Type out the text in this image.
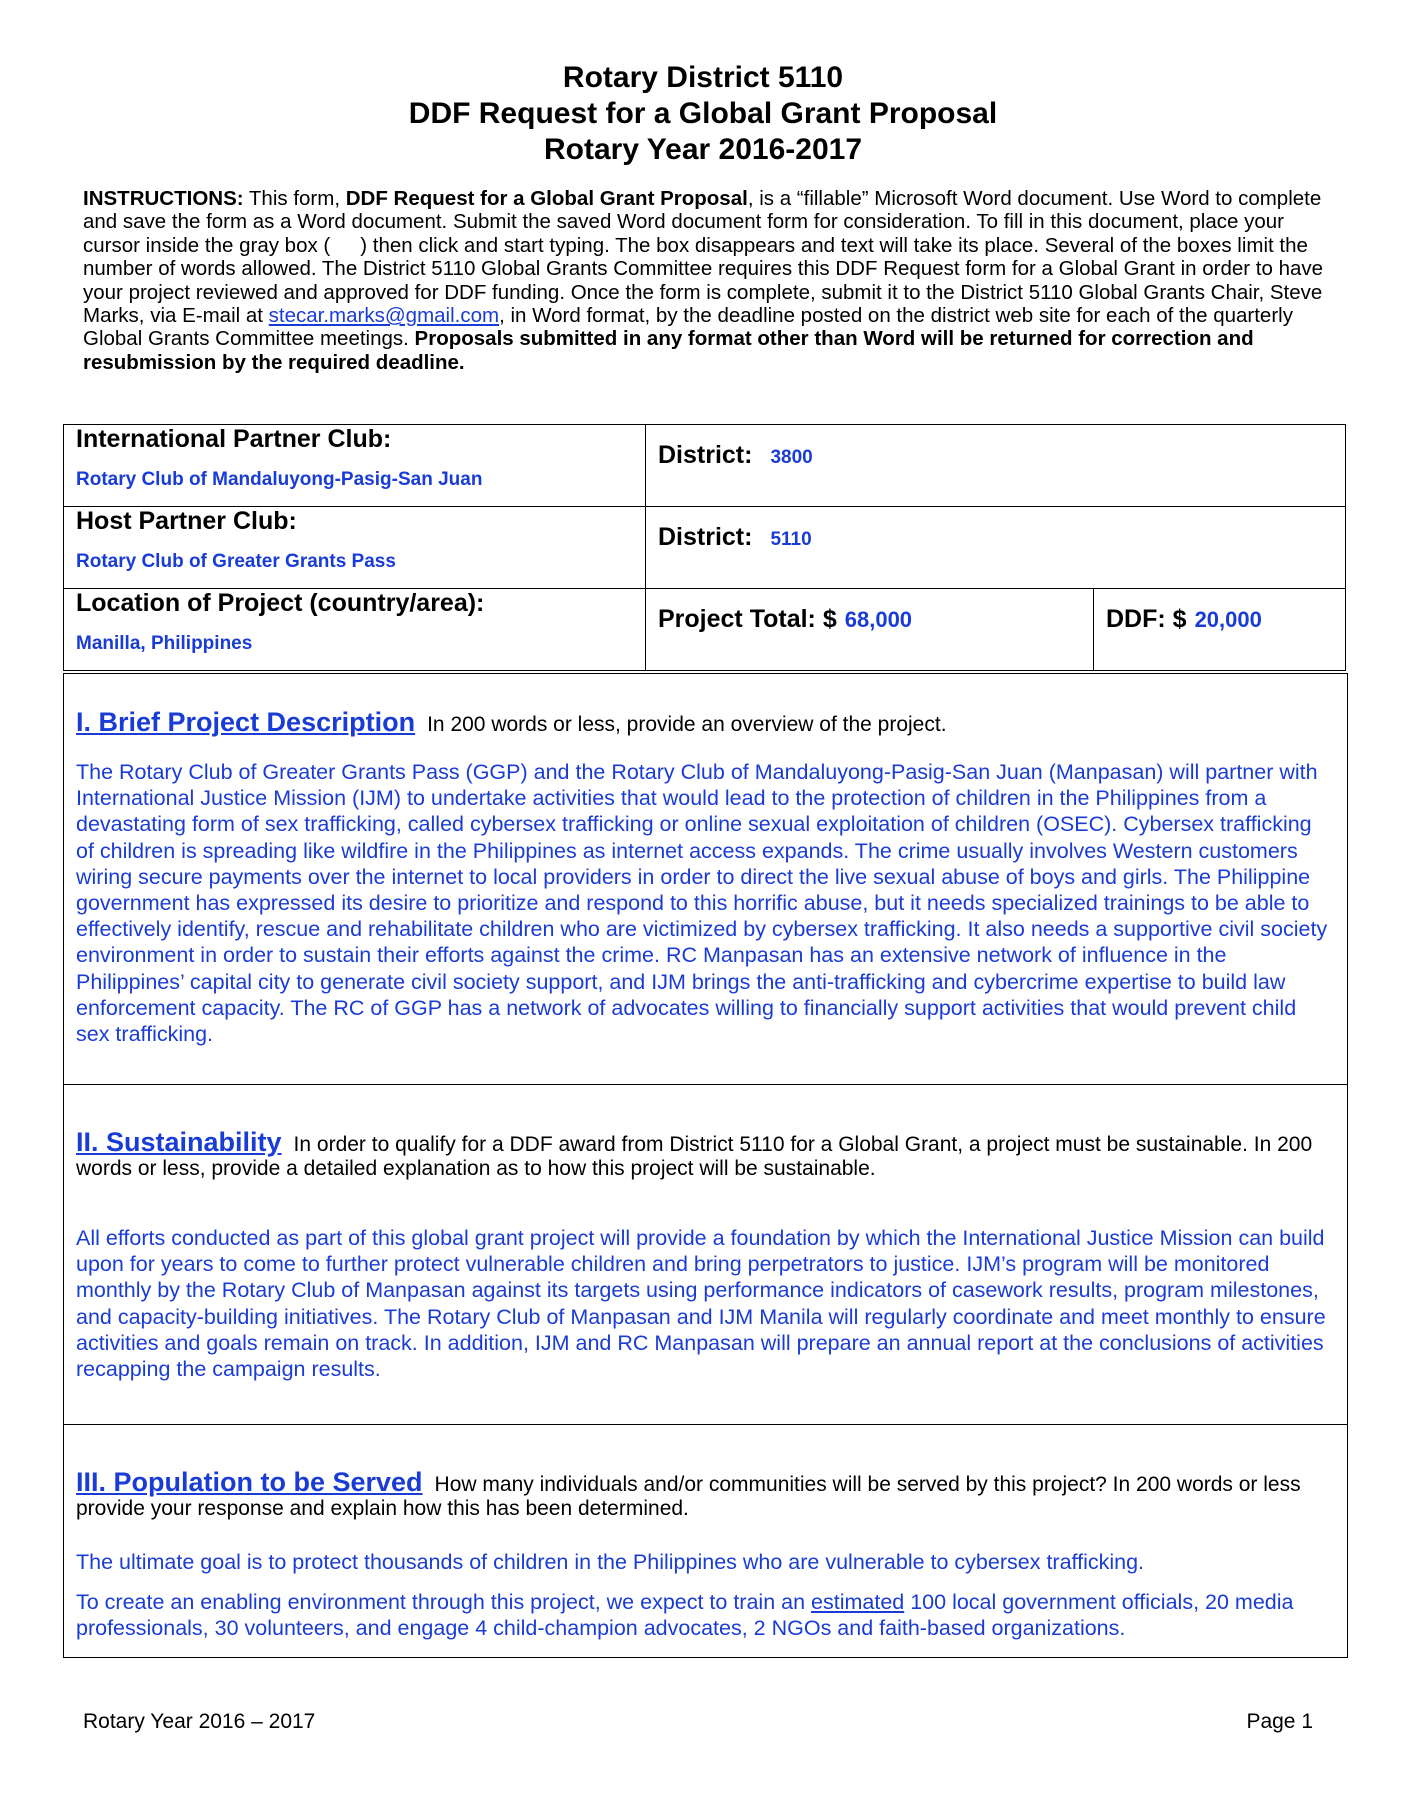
Rotary District 5110
DDF Request for a Global Grant Proposal
Rotary Year 2016-2017
INSTRUCTIONS: This form, DDF Request for a Global Grant Proposal, is a “fillable” Microsoft Word document. Use Word to complete and save the form as a Word document. Submit the saved Word document form for consideration. To fill in this document, place your cursor inside the gray box ( ) then click and start typing. The box disappears and text will take its place. Several of the boxes limit the number of words allowed. The District 5110 Global Grants Committee requires this DDF Request form for a Global Grant in order to have your project reviewed and approved for DDF funding. Once the form is complete, submit it to the District 5110 Global Grants Chair, Steve Marks, via E-mail at stecar.marks@gmail.com, in Word format, by the deadline posted on the district web site for each of the quarterly Global Grants Committee meetings. Proposals submitted in any format other than Word will be returned for correction and resubmission by the required deadline.
International Partner Club:
Rotary Club of Mandaluyong-Pasig-San Juan	District: 3800	

Host Partner Club:
Rotary Club of Greater Grants Pass	District: 5110	

Location of Project (country/area):
Manilla, Philippines	Project Total: $ 68,000	DDF: $ 20,000
I. Brief Project Description In 200 words or less, provide an overview of the project.
The Rotary Club of Greater Grants Pass (GGP) and the Rotary Club of Mandaluyong-Pasig-San Juan (Manpasan) will partner with International Justice Mission (IJM) to undertake activities that would lead to the protection of children in the Philippines from a devastating form of sex trafficking, called cybersex trafficking or online sexual exploitation of children (OSEC). Cybersex trafficking of children is spreading like wildfire in the Philippines as internet access expands. The crime usually involves Western customers wiring secure payments over the internet to local providers in order to direct the live sexual abuse of boys and girls. The Philippine government has expressed its desire to prioritize and respond to this horrific abuse, but it needs specialized trainings to be able to effectively identify, rescue and rehabilitate children who are victimized by cybersex trafficking. It also needs a supportive civil society environment in order to sustain their efforts against the crime. RC Manpasan has an extensive network of influence in the Philippines’ capital city to generate civil society support, and IJM brings the anti-trafficking and cybercrime expertise to build law enforcement capacity. The RC of GGP has a network of advocates willing to financially support activities that would prevent child sex trafficking.
II. Sustainability In order to qualify for a DDF award from District 5110 for a Global Grant, a project must be sustainable. In 200 words or less, provide a detailed explanation as to how this project will be sustainable.
All efforts conducted as part of this global grant project will provide a foundation by which the International Justice Mission can build upon for years to come to further protect vulnerable children and bring perpetrators to justice. IJM’s program will be monitored monthly by the Rotary Club of Manpasan against its targets using performance indicators of casework results, program milestones, and capacity-building initiatives. The Rotary Club of Manpasan and IJM Manila will regularly coordinate and meet monthly to ensure activities and goals remain on track. In addition, IJM and RC Manpasan will prepare an annual report at the conclusions of activities recapping the campaign results.
III. Population to be Served How many individuals and/or communities will be served by this project? In 200 words or less provide your response and explain how this has been determined.
The ultimate goal is to protect thousands of children in the Philippines who are vulnerable to cybersex trafficking.
To create an enabling environment through this project, we expect to train an estimated 100 local government officials, 20 media professionals, 30 volunteers, and engage 4 child-champion advocates, 2 NGOs and faith-based organizations.
Rotary Year 2016 – 2017	Page 1
